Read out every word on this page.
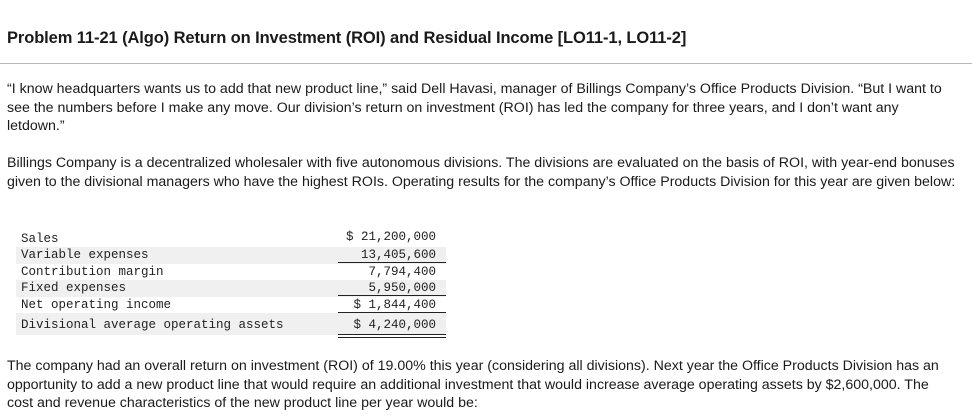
Problem 11-21 (Algo) Return on Investment (ROI) and Residual Income [LO11-1, LO11-2]

“I know headquarters wants us to add that new product line,” said Dell Havasi, manager of Billings Company’s Office Products Division. “But I want to see the numbers before I make any move. Our division’s return on investment (ROI) has led the company for three years, and I don’t want any letdown.”

Billings Company is a decentralized wholesaler with five autonomous divisions. The divisions are evaluated on the basis of ROI, with year-end bonuses given to the divisional managers who have the highest ROIs. Operating results for the company’s Office Products Division for this year are given below:

Sales	$ 21,200,000
Variable expenses	13,405,600
Contribution margin	7,794,400
Fixed expenses	5,950,000
Net operating income	$ 1,844,400
Divisional average operating assets	$ 4,240,000

The company had an overall return on investment (ROI) of 19.00% this year (considering all divisions). Next year the Office Products Division has an opportunity to add a new product line that would require an additional investment that would increase average operating assets by $2,600,000. The cost and revenue characteristics of the new product line per year would be:
